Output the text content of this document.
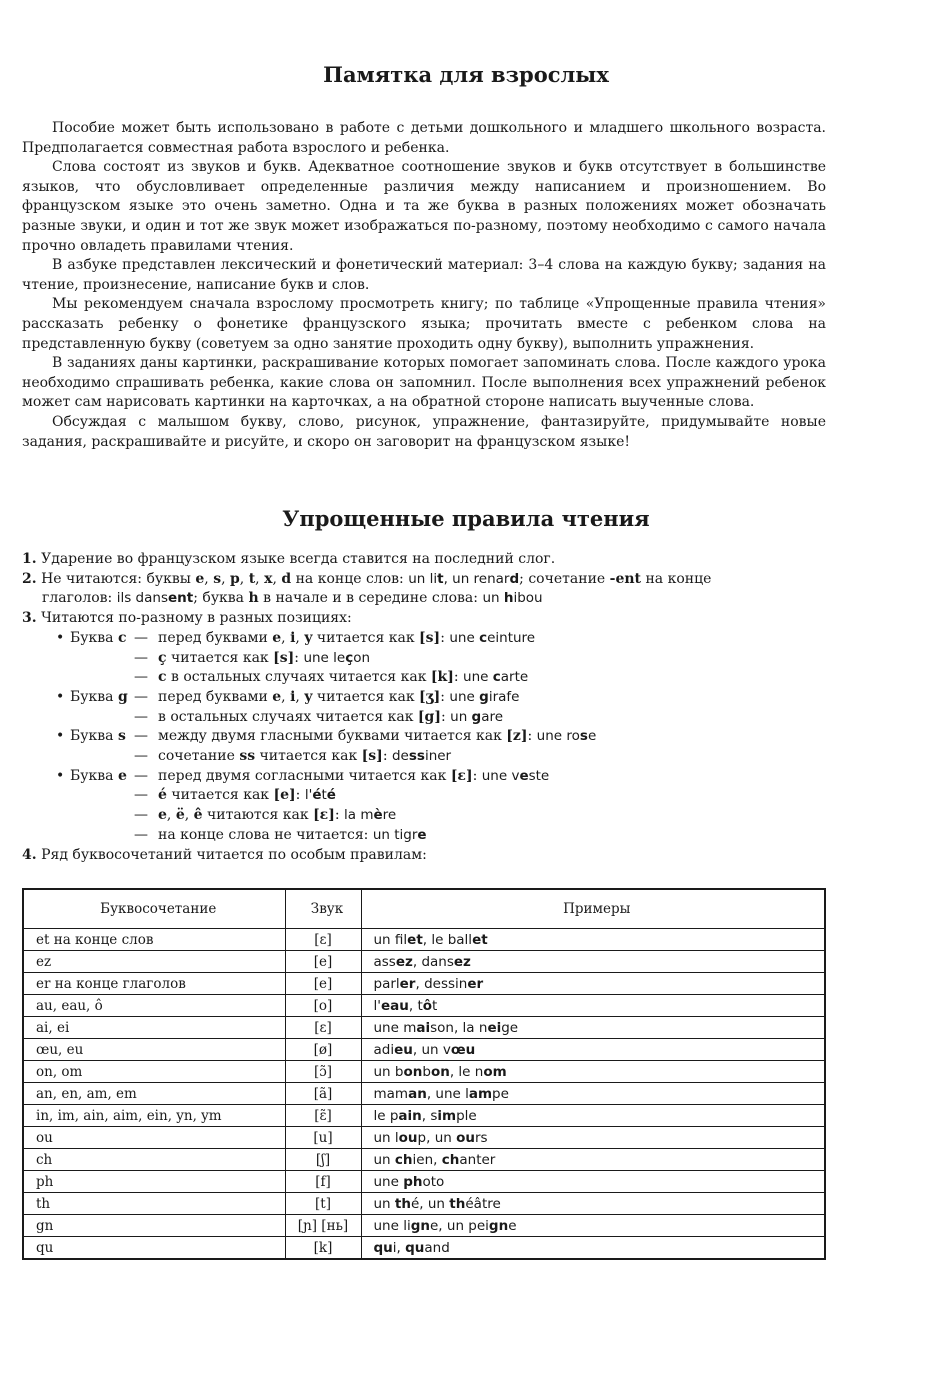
Памятка для взрослых

Пособие может быть использовано в работе с детьми дошкольного и младшего школьного возраста. Предполагается совместная работа взрослого и ребенка.

Слова состоят из звуков и букв. Адекватное соотношение звуков и букв отсутствует в большинстве языков, что обусловливает определенные различия между написанием и произношением. Во французском языке это очень заметно. Одна и та же буква в разных положениях может обозначать разные звуки, и один и тот же звук может изображаться по-разному, поэтому необходимо с самого начала прочно овладеть правилами чтения.

В азбуке представлен лексический и фонетический материал: 3–4 слова на каждую букву; задания на чтение, произнесение, написание букв и слов.

Мы рекомендуем сначала взрослому просмотреть книгу; по таблице «Упрощенные правила чтения» рассказать ребенку о фонетике французского языка; прочитать вместе с ребенком слова на представленную букву (советуем за одно занятие проходить одну букву), выполнить упражнения.

В заданиях даны картинки, раскрашивание которых помогает запоминать слова. После каждого урока необходимо спрашивать ребенка, какие слова он запомнил. После выполнения всех упражнений ребенок может сам нарисовать картинки на карточках, а на обратной стороне написать выученные слова.

Обсуждая с малышом букву, слово, рисунок, упражнение, фантазируйте, придумывайте новые задания, раскрашивайте и рисуйте, и скоро он заговорит на французском языке!

Упрощенные правила чтения
1. Ударение во французском языке всегда ставится на последний слог.
2. Не читаются: буквы e, s, p, t, x, d на конце слов: un lit, un renard; сочетание -ent на конце
глаголов: ils dansent; буква h в начале и в середине слова: un hibou
3. Читаются по-разному в разных позициях:
• Буква c — перед буквами e, i, y читается как [s]: une ceinture
— ç читается как [s]: une leçon
— c в остальных случаях читается как [k]: une carte
• Буква g — перед буквами e, i, y читается как [ʒ]: une girafe
— в остальных случаях читается как [g]: un gare
• Буква s — между двумя гласными буквами читается как [z]: une rose
— сочетание ss читается как [s]: dessiner
• Буква e — перед двумя согласными читается как [ɛ]: une veste
— é читается как [e]: l'été
— e, ë, ê читаются как [ɛ]: la mère
— на конце слова не читается: un tigre
4. Ряд буквосочетаний читается по особым правилам:
Буквосочетание	Звук	Примеры
et на конце слов	[ɛ]	un filet, le ballet
ez	[e]	assez, dansez
er на конце глаголов	[e]	parler, dessiner
au, eau, ô	[o]	l'eau, tôt
ai, ei	[ɛ]	une maison, la neige
œu, eu	[ø]	adieu, un vœu
on, om	[ɔ̃]	un bonbon, le nom
an, en, am, em	[ã]	maman, une lampe
in, im, ain, aim, ein, yn, ym	[ɛ̃]	le pain, simple
ou	[u]	un loup, un ours
ch	[ʃ]	un chien, chanter
ph	[f]	une photo
th	[t]	un thé, un théâtre
gn	[ɲ] [нь]	une ligne, un peigne
qu	[k]	qui, quand
